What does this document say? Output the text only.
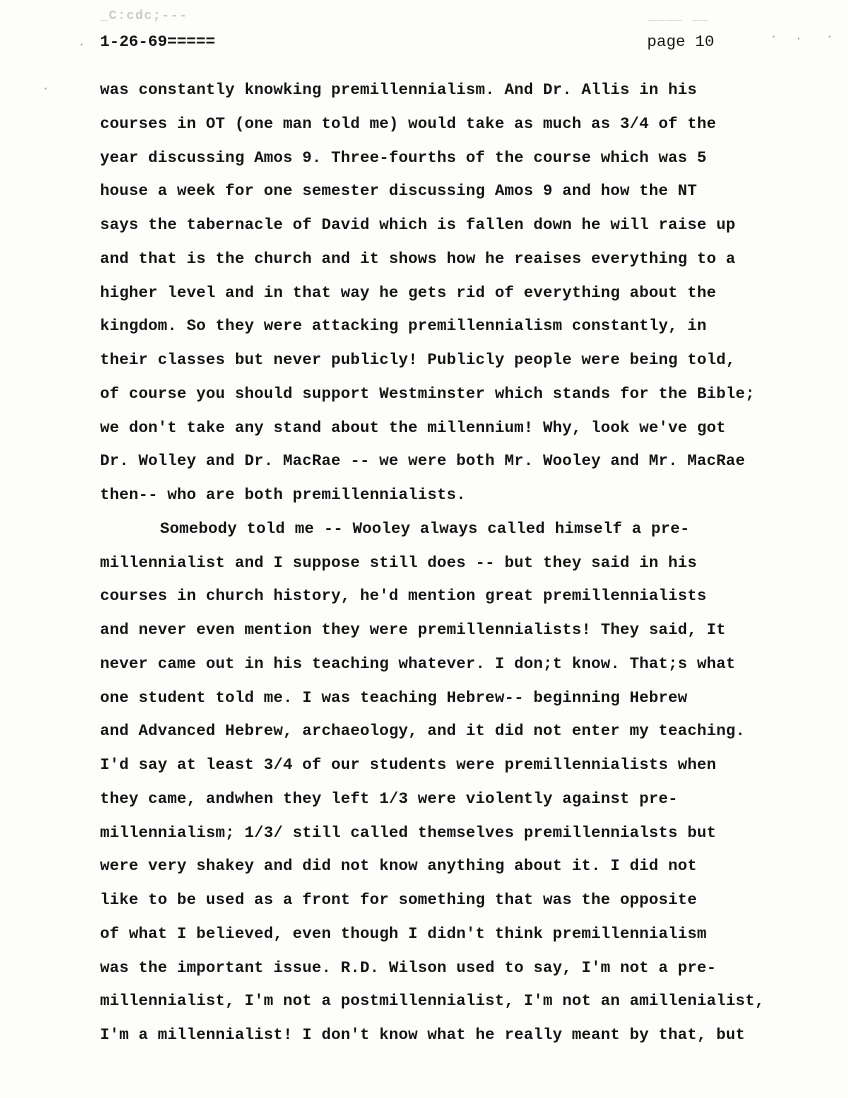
_C:cdc;---	____ __
1-26-69=====	page 10
·
· · ·
·	was constantly knowking premillennialism. And Dr. Allis in his
courses in OT (one man told me) would take as much as 3/4 of the
year discussing Amos 9. Three-fourths of the course which was 5
house a week for one semester discussing Amos 9 and how the NT
says the tabernacle of David which is fallen down he will raise up
and that is the church and it shows how he reaises everything to a
higher level and in that way he gets rid of everything about the
kingdom. So they were attacking premillennialism constantly, in
their classes but never publicly! Publicly people were being told,
of course you should support Westminster which stands for the Bible;
we don't take any stand about the millennium! Why, look we've got
Dr. Wolley and Dr. MacRae -- we were both Mr. Wooley and Mr. MacRae
then-- who are both premillennialists.
Somebody told me -- Wooley always called himself a pre-
millennialist and I suppose still does -- but they said in his
courses in church history, he'd mention great premillennialists
and never even mention they were premillennialists! They said, It
never came out in his teaching whatever. I don;t know. That;s what
one student told me. I was teaching Hebrew-- beginning Hebrew
and Advanced Hebrew, archaeology, and it did not enter my teaching.
I'd say at least 3/4 of our students were premillennialists when
they came, andwhen they left 1/3 were violently against pre-
millennialism; 1/3/ still called themselves premillennialsts but
were very shakey and did not know anything about it. I did not
like to be used as a front for something that was the opposite
of what I believed, even though I didn't think premillennialism
was the important issue. R.D. Wilson used to say, I'm not a pre-
millennialist, I'm not a postmillennialist, I'm not an amillenialist,
I'm a millennialist! I don't know what he really meant by that, but
